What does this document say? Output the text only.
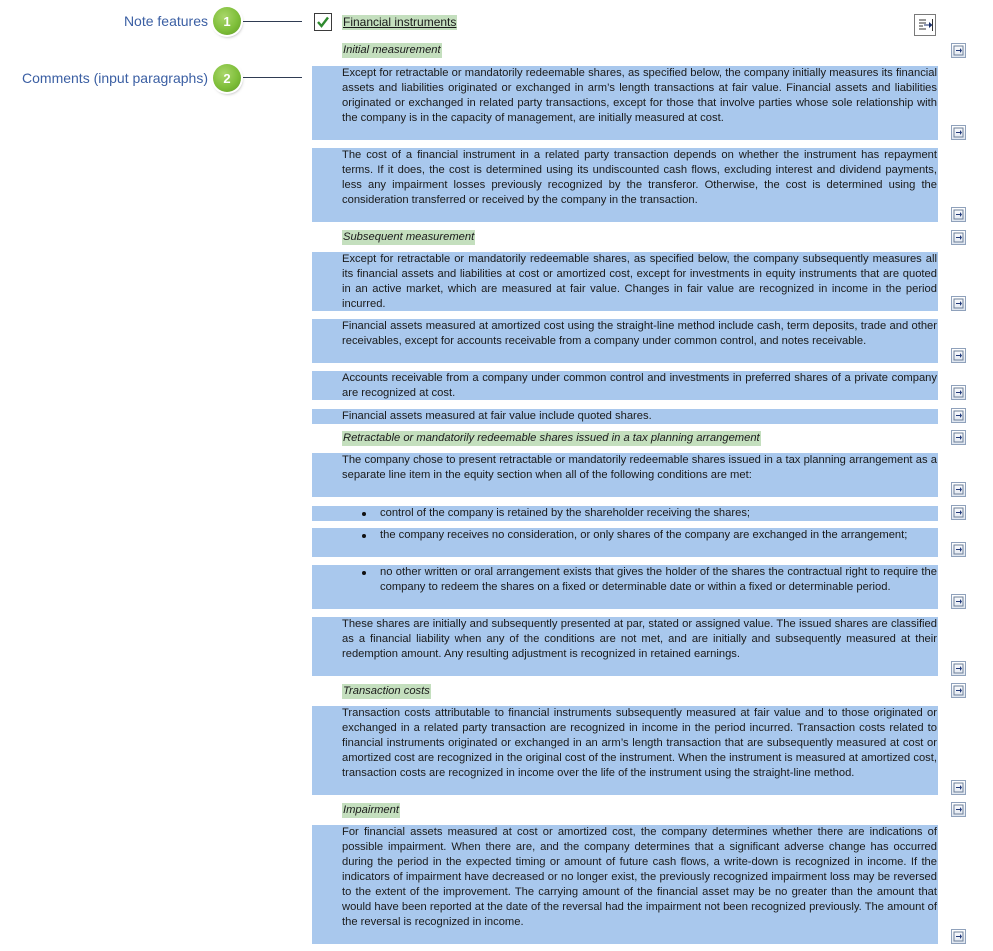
Note features	1
Comments (input paragraphs)	2
Financial instruments
Initial measurement

Except for retractable or mandatorily redeemable shares, as specified below, the company initially measures its financial assets and liabilities originated or exchanged in arm’s length transactions at fair value. Financial assets and liabilities originated or exchanged in related party transactions, except for those that involve parties whose sole relationship with the company is in the capacity of management, are initially measured at cost.

The cost of a financial instrument in a related party transaction depends on whether the instrument has repayment terms. If it does, the cost is determined using its undiscounted cash flows, excluding interest and dividend payments, less any impairment losses previously recognized by the transferor. Otherwise, the cost is determined using the consideration transferred or received by the company in the transaction.

Subsequent measurement

Except for retractable or mandatorily redeemable shares, as specified below, the company subsequently measures all its financial assets and liabilities at cost or amortized cost, except for investments in equity instruments that are quoted in an active market, which are measured at fair value. Changes in fair value are recognized in income in the period incurred.

Financial assets measured at amortized cost using the straight-line method include cash, term deposits, trade and other receivables, except for accounts receivable from a company under common control, and notes receivable.

Accounts receivable from a company under common control and investments in preferred shares of a private company are recognized at cost.

Financial assets measured at fair value include quoted shares.

Retractable or mandatorily redeemable shares issued in a tax planning arrangement

The company chose to present retractable or mandatorily redeemable shares issued in a tax planning arrangement as a separate line item in the equity section when all of the following conditions are met:

control of the company is retained by the shareholder receiving the shares;
the company receives no consideration, or only shares of the company are exchanged in the arrangement;
no other written or oral arrangement exists that gives the holder of the shares the contractual right to require the company to redeem the shares on a fixed or determinable date or within a fixed or determinable period.

These shares are initially and subsequently presented at par, stated or assigned value. The issued shares are classified as a financial liability when any of the conditions are not met, and are initially and subsequently measured at their redemption amount. Any resulting adjustment is recognized in retained earnings.

Transaction costs

Transaction costs attributable to financial instruments subsequently measured at fair value and to those originated or exchanged in a related party transaction are recognized in income in the period incurred. Transaction costs related to financial instruments originated or exchanged in an arm’s length transaction that are subsequently measured at cost or amortized cost are recognized in the original cost of the instrument. When the instrument is measured at amortized cost, transaction costs are recognized in income over the life of the instrument using the straight-line method.

Impairment

For financial assets measured at cost or amortized cost, the company determines whether there are indications of possible impairment. When there are, and the company determines that a significant adverse change has occurred during the period in the expected timing or amount of future cash flows, a write-down is recognized in income. If the indicators of impairment have decreased or no longer exist, the previously recognized impairment loss may be reversed to the extent of the improvement. The carrying amount of the financial asset may be no greater than the amount that would have been reported at the date of the reversal had the impairment not been recognized previously. The amount of the reversal is recognized in income.
